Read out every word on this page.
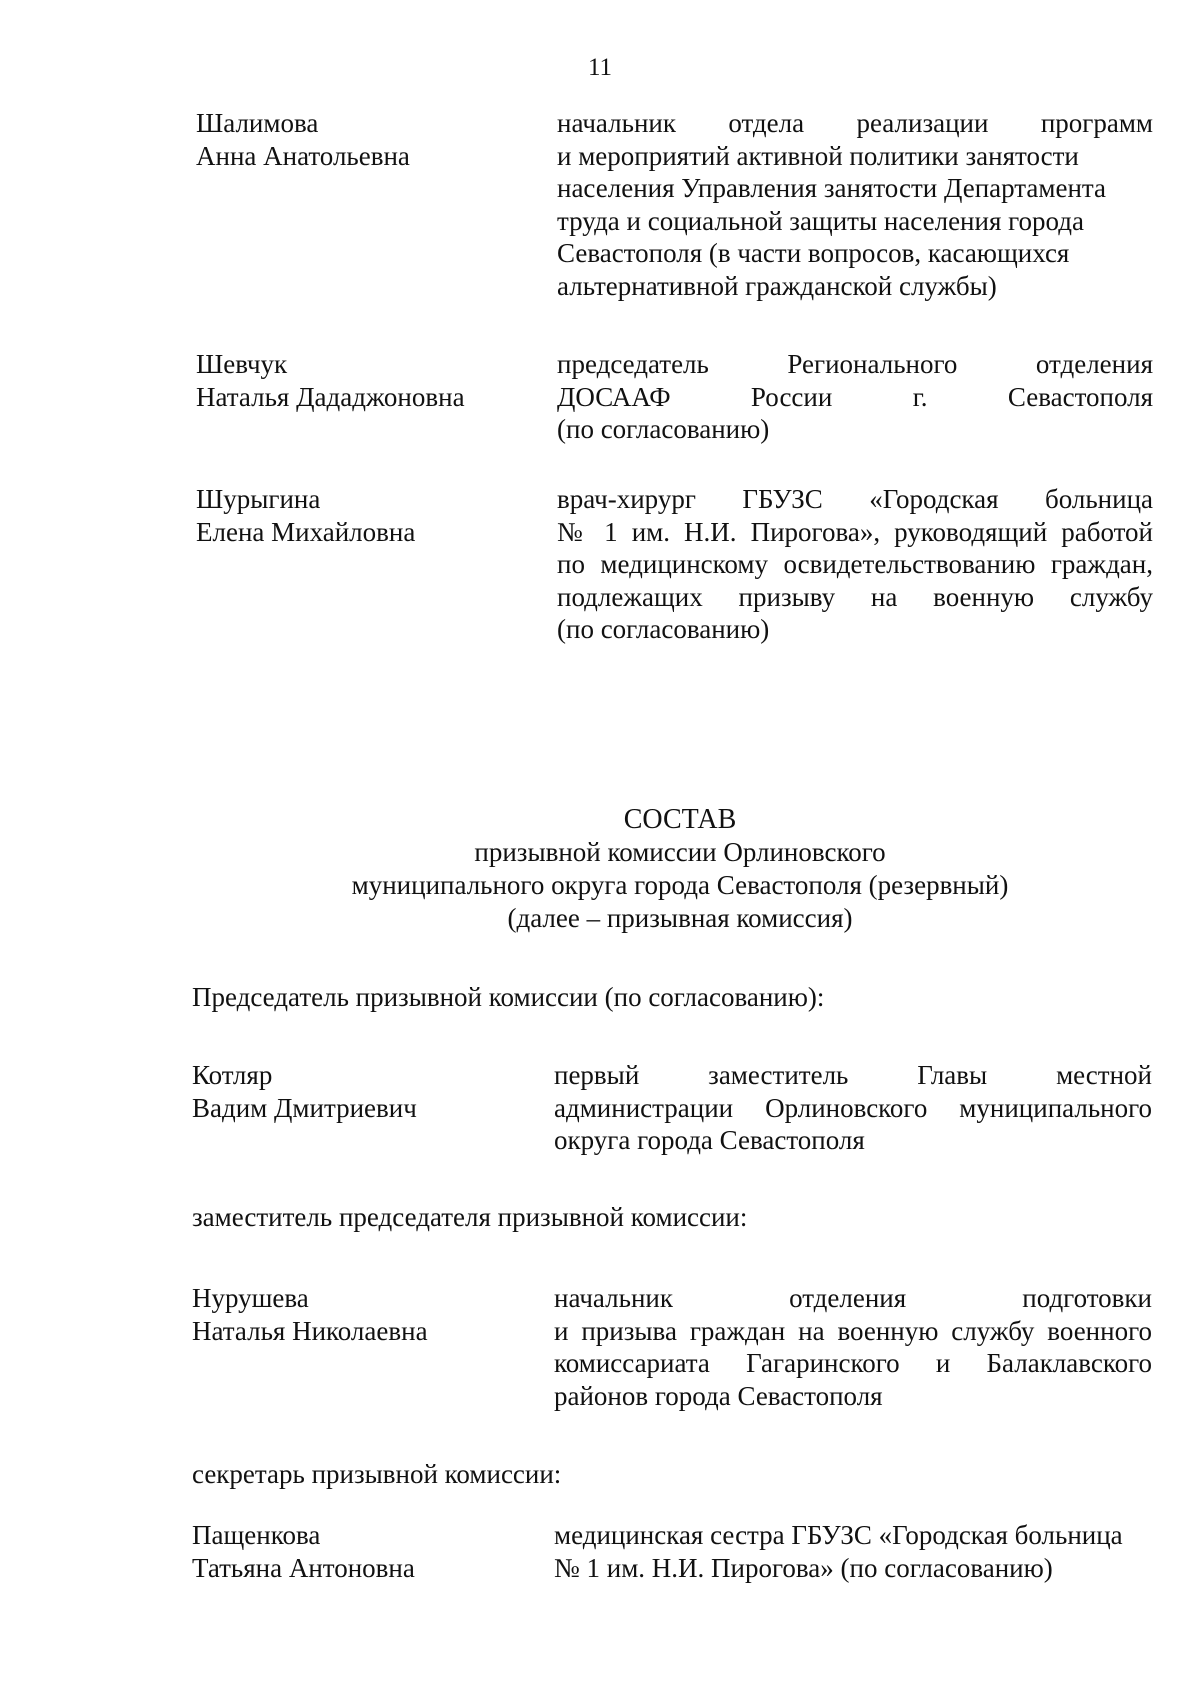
11
Шалимова
Анна Анатольевна
начальник отдела реализации программ
и мероприятий активной политики занятости
населения Управления занятости Департамента
труда и социальной защиты населения города
Севастополя (в части вопросов, касающихся
альтернативной гражданской службы)
Шевчук
Наталья Дададжоновна
председатель Регионального отделения
ДОСААФ России г. Севастополя
(по согласованию)
Шурыгина
Елена Михайловна
врач-хирург ГБУЗС «Городская больница
№ 1 им. Н.И. Пирогова», руководящий работой
по медицинскому освидетельствованию граждан,
подлежащих призыву на военную службу
(по согласованию)
СОСТАВ
призывной комиссии Орлиновского
муниципального округа города Севастополя (резервный)
(далее – призывная комиссия)
Председатель призывной комиссии (по согласованию):
Котляр
Вадим Дмитриевич
первый заместитель Главы местной
администрации Орлиновского муниципального
округа города Севастополя
заместитель председателя призывной комиссии:
Нурушева
Наталья Николаевна
начальник отделения подготовки
и призыва граждан на военную службу военного
комиссариата Гагаринского и Балаклавского
районов города Севастополя
секретарь призывной комиссии:
Пащенкова
Татьяна Антоновна
медицинская сестра ГБУЗС «Городская больница
№ 1 им. Н.И. Пирогова» (по согласованию)
